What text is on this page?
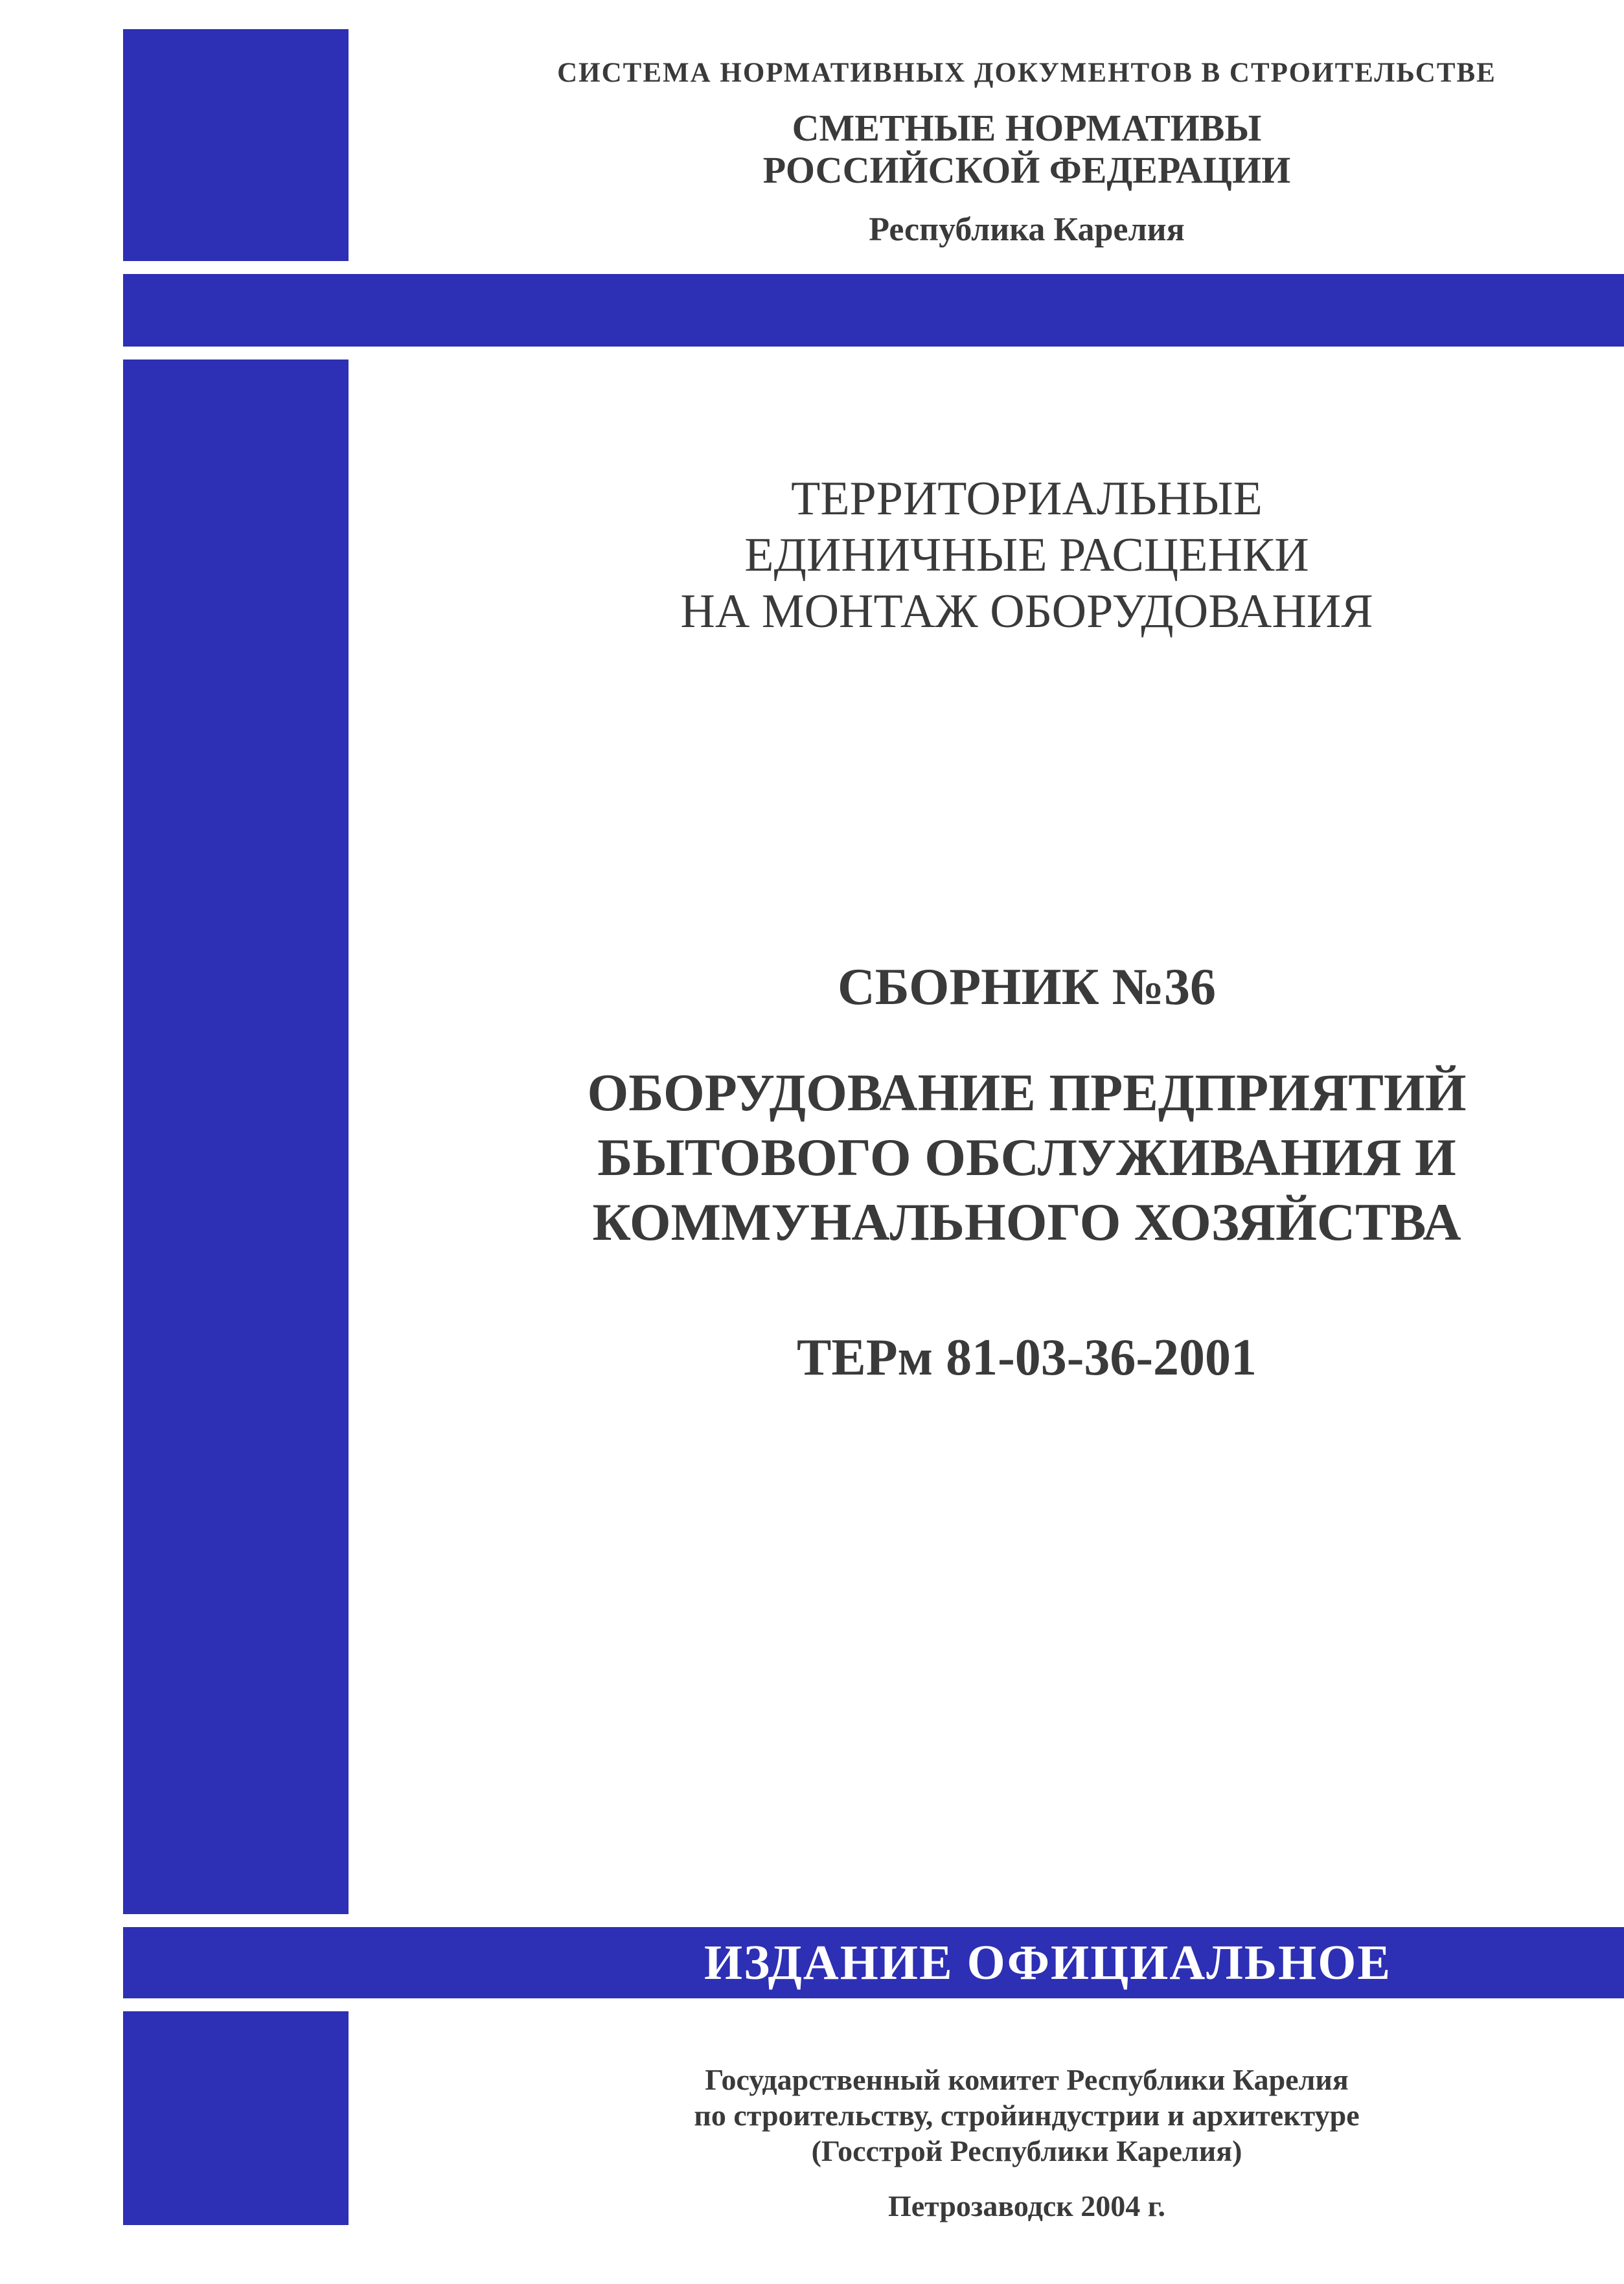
ИЗДАНИЕ ОФИЦИАЛЬНОЕ

СИСТЕМА НОРМАТИВНЫХ ДОКУМЕНТОВ В СТРОИТЕЛЬСТВЕ

СМЕТНЫЕ НОРМАТИВЫ

РОССИЙСКОЙ ФЕДЕРАЦИИ

Республика Карелия

ТЕРРИТОРИАЛЬНЫЕ

ЕДИНИЧНЫЕ РАСЦЕНКИ

НА МОНТАЖ ОБОРУДОВАНИЯ

СБОРНИК №36

ОБОРУДОВАНИЕ ПРЕДПРИЯТИЙ

БЫТОВОГО ОБСЛУЖИВАНИЯ И

КОММУНАЛЬНОГО ХОЗЯЙСТВА

ТЕРм 81-03-36-2001

Государственный комитет Республики Карелия

по строительству, стройиндустрии и архитектуре

(Госстрой Республики Карелия)

Петрозаводск 2004 г.
